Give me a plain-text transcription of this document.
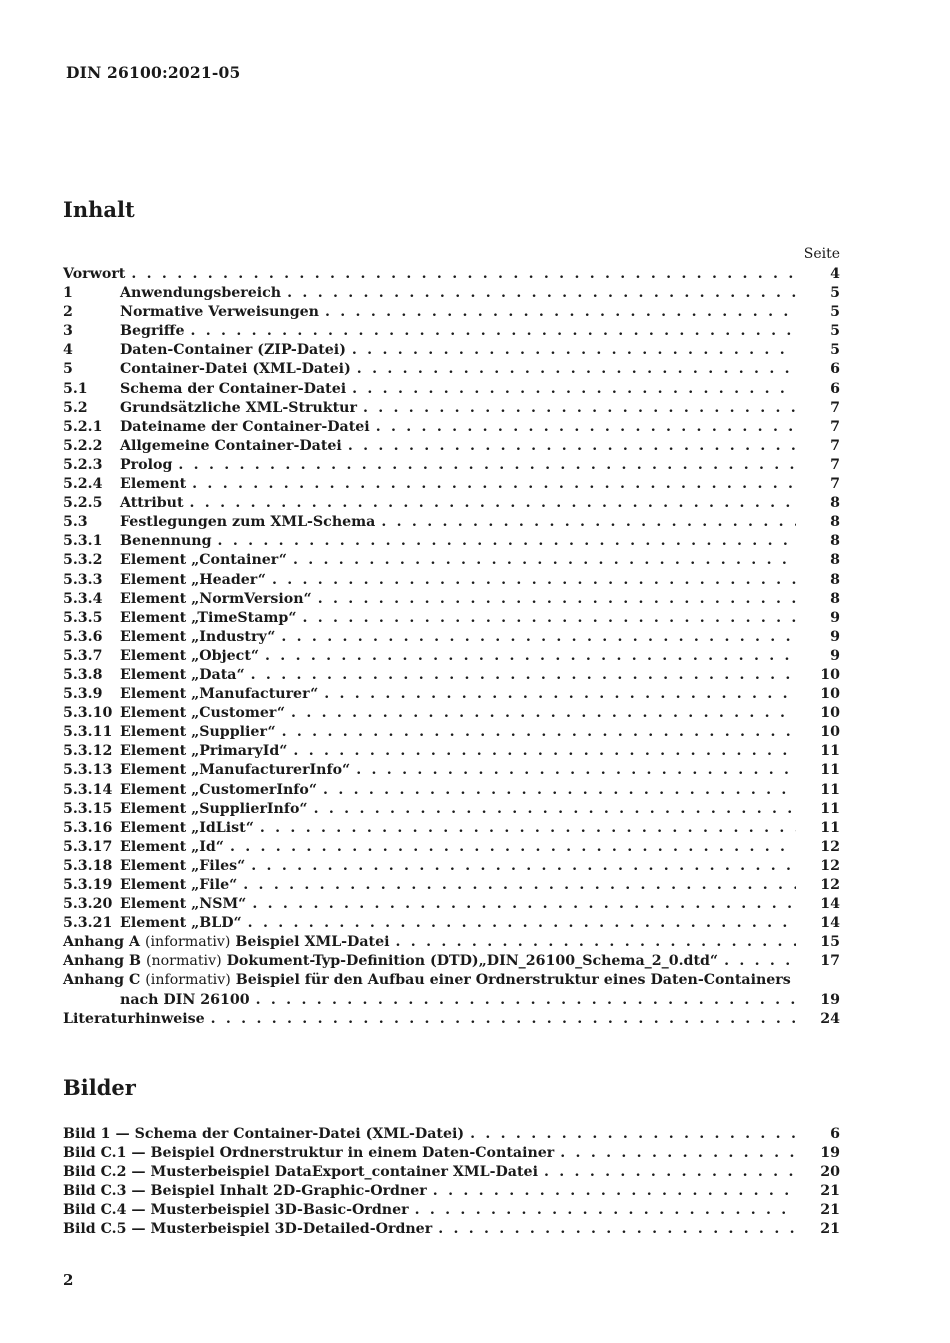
DIN 26100:2021-05
Inhalt
Seite
Vorwort . . .	4
1	Anwendungsbereich . . .	5
2	Normative Verweisungen . . .	5
3	Begriffe . . .	5
4	Daten-Container (ZIP-Datei) . . .	5
5	Container-Datei (XML-Datei) . . .	6
5.1	Schema der Container-Datei . . .	6
5.2	Grundsätzliche XML-Struktur . . .	7
5.2.1	Dateiname der Container-Datei . . .	7
5.2.2	Allgemeine Container-Datei . . .	7
5.2.3	Prolog . . .	7
5.2.4	Element . . .	7
5.2.5	Attribut . . .	8
5.3	Festlegungen zum XML-Schema . . .	8
5.3.1	Benennung . . .	8
5.3.2	Element „Container“ . . .	8
5.3.3	Element „Header“ . . .	8
5.3.4	Element „NormVersion“ . . .	8
5.3.5	Element „TimeStamp“ . . .	9
5.3.6	Element „Industry“ . . .	9
5.3.7	Element „Object“ . . .	9
5.3.8	Element „Data“ . . .	10
5.3.9	Element „Manufacturer“ . . .	10
5.3.10 Element „Customer“ . . .	10
5.3.11 Element „Supplier“ . . .	10
5.3.12 Element „PrimaryId“ . . .	11
5.3.13 Element „ManufacturerInfo“ . . .	11
5.3.14 Element „CustomerInfo“ . . .	11
5.3.15 Element „SupplierInfo“ . . .	11
5.3.16 Element „IdList“ . . .	11
5.3.17 Element „Id“ . . .	12
5.3.18 Element „Files“ . . .	12
5.3.19 Element „File“ . . .	12
5.3.20 Element „NSM“ . . .	14
5.3.21 Element „BLD“ . . .	14
Anhang A (informativ) Beispiel XML-Datei . . .	15
Anhang B (normativ) Dokument-Typ-Definition (DTD)„DIN_26100_Schema_2_0.dtd“ . . .	17
Anhang C (informativ) Beispiel für den Aufbau einer Ordnerstruktur eines Daten-Containers
nach DIN 26100 . . .	19
Literaturhinweise . . .	24
Bilder
Bild 1 — Schema der Container-Datei (XML-Datei) . . .	6
Bild C.1 — Beispiel Ordnerstruktur in einem Daten-Container . . .	19
Bild C.2 — Musterbeispiel DataExport_container XML-Datei . . .	20
Bild C.3 — Beispiel Inhalt 2D-Graphic-Ordner . . .	21
Bild C.4 — Musterbeispiel 3D-Basic-Ordner . . .	21
Bild C.5 — Musterbeispiel 3D-Detailed-Ordner . . .	21
2
